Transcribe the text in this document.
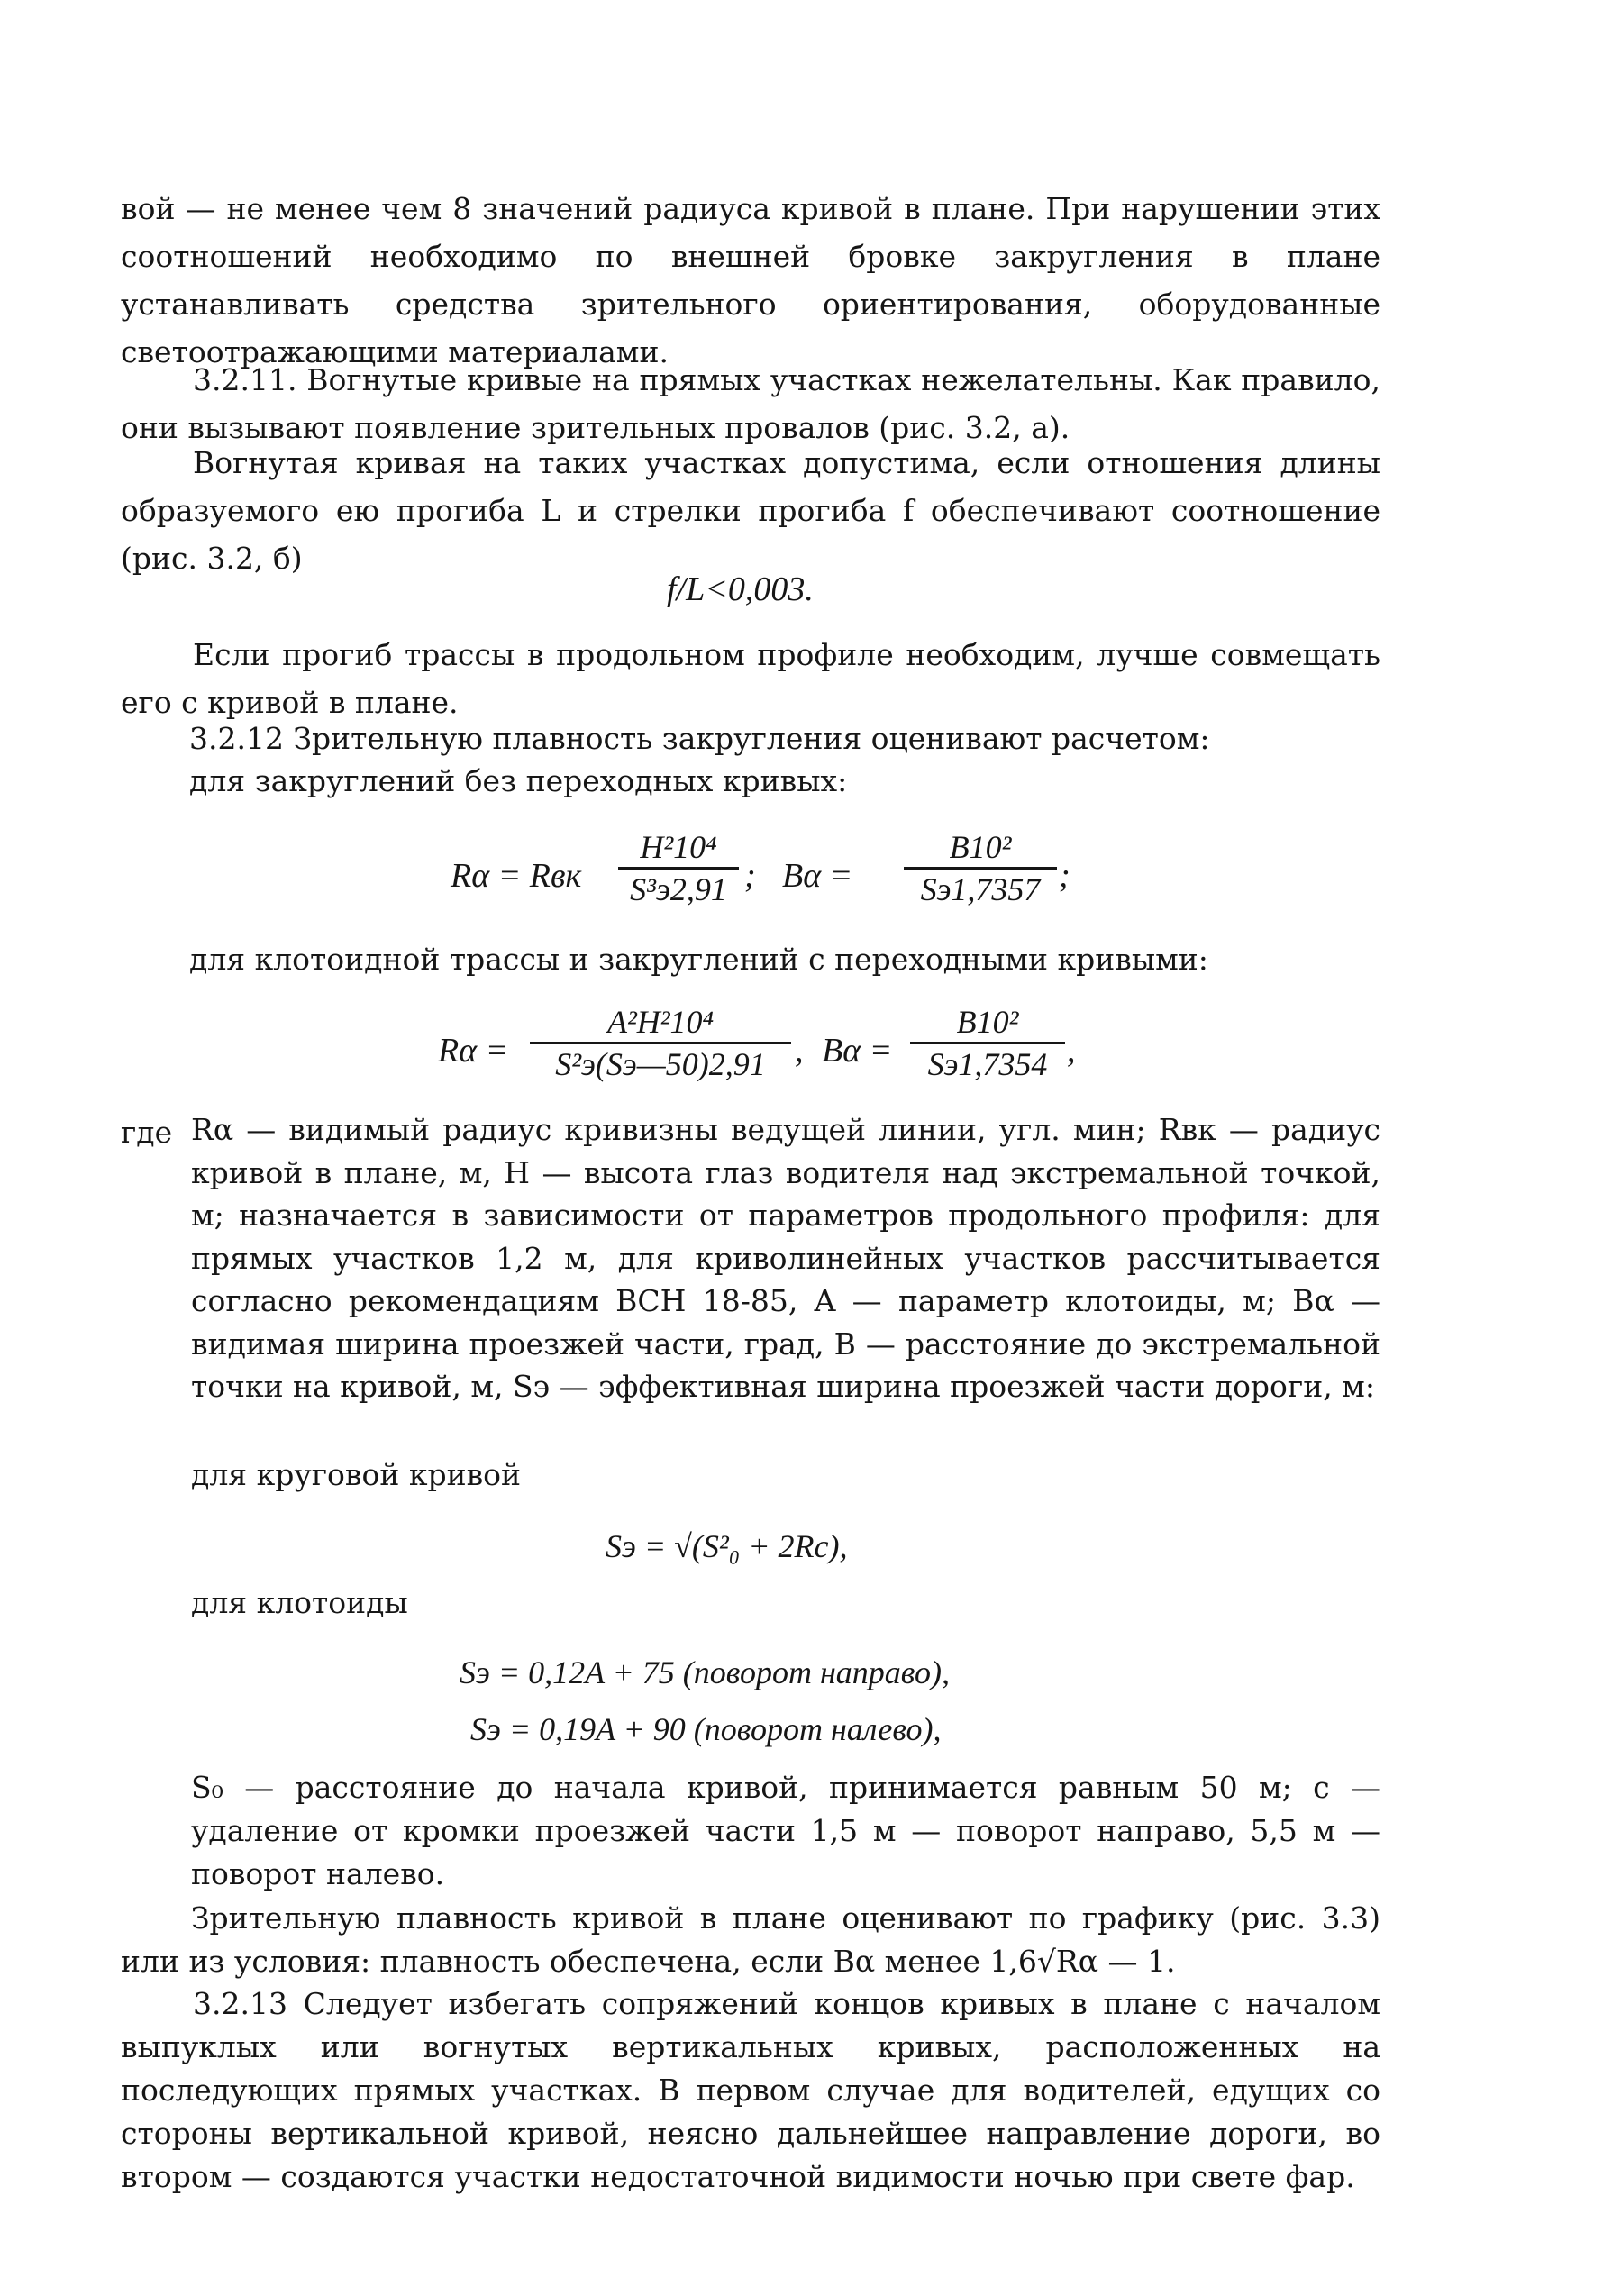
вой — не менее чем 8 значений радиуса кривой в плане. При нарушении этих соотношений необходимо по внешней бровке закругления в плане устанавливать средства зрительного ориентирования, оборудованные светоотражающими материалами.

3.2.11. Вогнутые кривые на прямых участках нежелательны. Как правило, они вызывают появление зрительных провалов (рис. 3.2, а).

Вогнутая кривая на таких участках допустима, если отношения длины образуемого ею прогиба L и стрелки прогиба f обеспечивают соотношение (рис. 3.2, б)

f/L<0,003.

Если прогиб трассы в продольном профиле необходим, лучше совмещать его с кривой в плане.

3.2.12 Зрительную плавность закругления оценивают расчетом:

для закруглений без переходных кривых:

Rα = Rвк
H²10⁴
S³э2,91 ; Bα =
B10²
Sэ1,7357 ;

для клотоидной трассы и закруглений с переходными кривыми:

Rα =
A²H²10⁴
S²э(Sэ—50)2,91 , Bα =
B10²
Sэ1,7354 ,

где Rα — видимый радиус кривизны ведущей линии, угл. мин; Rвк — радиус кривой в плане, м, H — высота глаз водителя над экстремальной точкой, м; назначается в зависимости от параметров продольного профиля: для прямых участков 1,2 м, для криволинейных участков рассчитывается согласно рекомендациям ВСН 18-85, A — параметр клотоиды, м; Bα — видимая ширина проезжей части, град, B — расстояние до экстремальной точки на кривой, м, Sэ — эффективная ширина проезжей части дороги, м:

для круговой кривой

Sэ = √(S²₀ + 2Rc),

для клотоиды

Sэ = 0,12A + 75 (поворот направо),
Sэ = 0,19A + 90 (поворот налево),

S₀ — расстояние до начала кривой, принимается равным 50 м; c — удаление от кромки проезжей части 1,5 м — поворот направо, 5,5 м — поворот налево.

Зрительную плавность кривой в плане оценивают по графику (рис. 3.3) или из условия: плавность обеспечена, если Bα менее 1,6√Rα — 1.

3.2.13 Следует избегать сопряжений концов кривых в плане с началом выпуклых или вогнутых вертикальных кривых, расположенных на последующих прямых участках. В первом случае для водителей, едущих со стороны вертикальной кривой, неясно дальнейшее направление дороги, во втором — создаются участки недостаточной видимости ночью при свете фар.
